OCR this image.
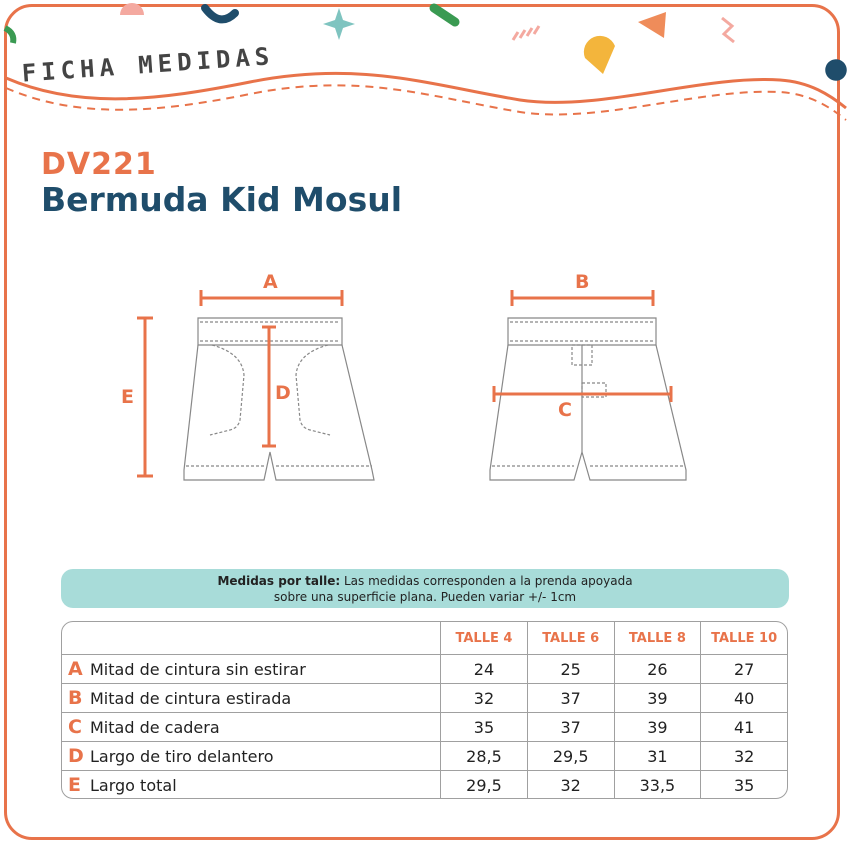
FICHA MEDIDAS
DV221
Bermuda Kid Mosul
A	B
E	D
C
Medidas por talle: Las medidas corresponden a la prenda apoyada
sobre una superficie plana. Pueden variar +/- 1cm
	TALLE 4	TALLE 6	TALLE 8	TALLE 10
A Mitad de cintura sin estirar	24	25	26	27
B Mitad de cintura estirada	32	37	39	40
C Mitad de cadera	35	37	39	41
D Largo de tiro delantero	28,5	29,5	31	32
E Largo total	29,5	32	33,5	35
